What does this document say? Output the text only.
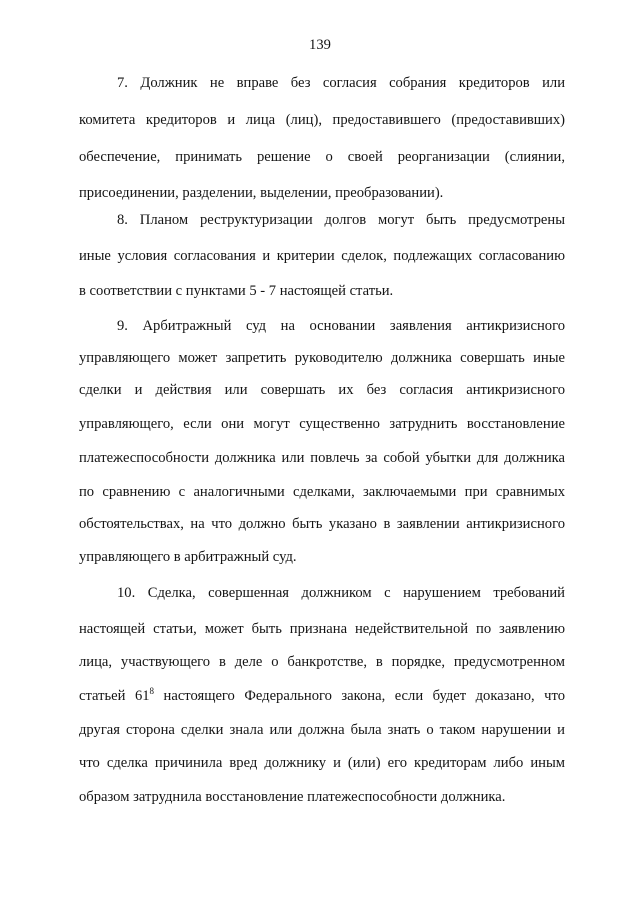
139
7. Должник не вправе без согласия собрания кредиторов или
комитета кредиторов и лица (лиц), предоставившего (предоставивших)
обеспечение, принимать решение о своей реорганизации (слиянии,
присоединении, разделении, выделении, преобразовании).
8. Планом реструктуризации долгов могут быть предусмотрены
иные условия согласования и критерии сделок, подлежащих согласованию
в соответствии с пунктами 5 - 7 настоящей статьи.
9. Арбитражный суд на основании заявления антикризисного
управляющего может запретить руководителю должника совершать иные
сделки и действия или совершать их без согласия антикризисного
управляющего, если они могут существенно затруднить восстановление
платежеспособности должника или повлечь за собой убытки для должника
по сравнению с аналогичными сделками, заключаемыми при сравнимых
обстоятельствах, на что должно быть указано в заявлении антикризисного
управляющего в арбитражный суд.
10. Сделка, совершенная должником с нарушением требований
настоящей статьи, может быть признана недействительной по заявлению
лица, участвующего в деле о банкротстве, в порядке, предусмотренном
статьей $61^8$ настоящего Федерального закона, если будет доказано, что
другая сторона сделки знала или должна была знать о таком нарушении и
что сделка причинила вред должнику и (или) его кредиторам либо иным
образом затруднила восстановление платежеспособности должника.
